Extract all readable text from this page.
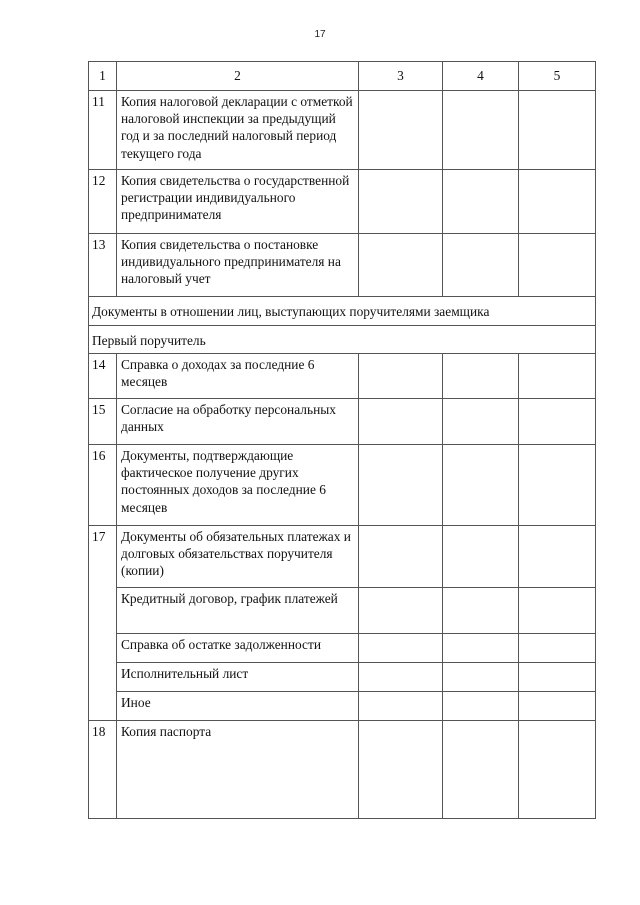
17
1	2	3	4	5
11	Копия налоговой декларации с отметкой налоговой инспекции за предыдущий год и за последний налоговый период текущего года			
12	Копия свидетельства о государственной регистрации индивидуального предпринимателя			
13	Копия свидетельства о постановке индивидуального предпринимателя на налоговый учет			
Документы в отношении лиц, выступающих поручителями заемщика				
Первый поручитель				
14	Справка о доходах за последние 6 месяцев			
15	Согласие на обработку персональных данных			
16	Документы, подтверждающие фактическое получение других постоянных доходов за последние 6 месяцев			
17	Документы об обязательных платежах и долговых обязательствах поручителя (копии)			
	Кредитный договор, график платежей			
	Справка об остатке задолженности			
	Исполнительный лист			
	Иное			
18	Копия паспорта			
